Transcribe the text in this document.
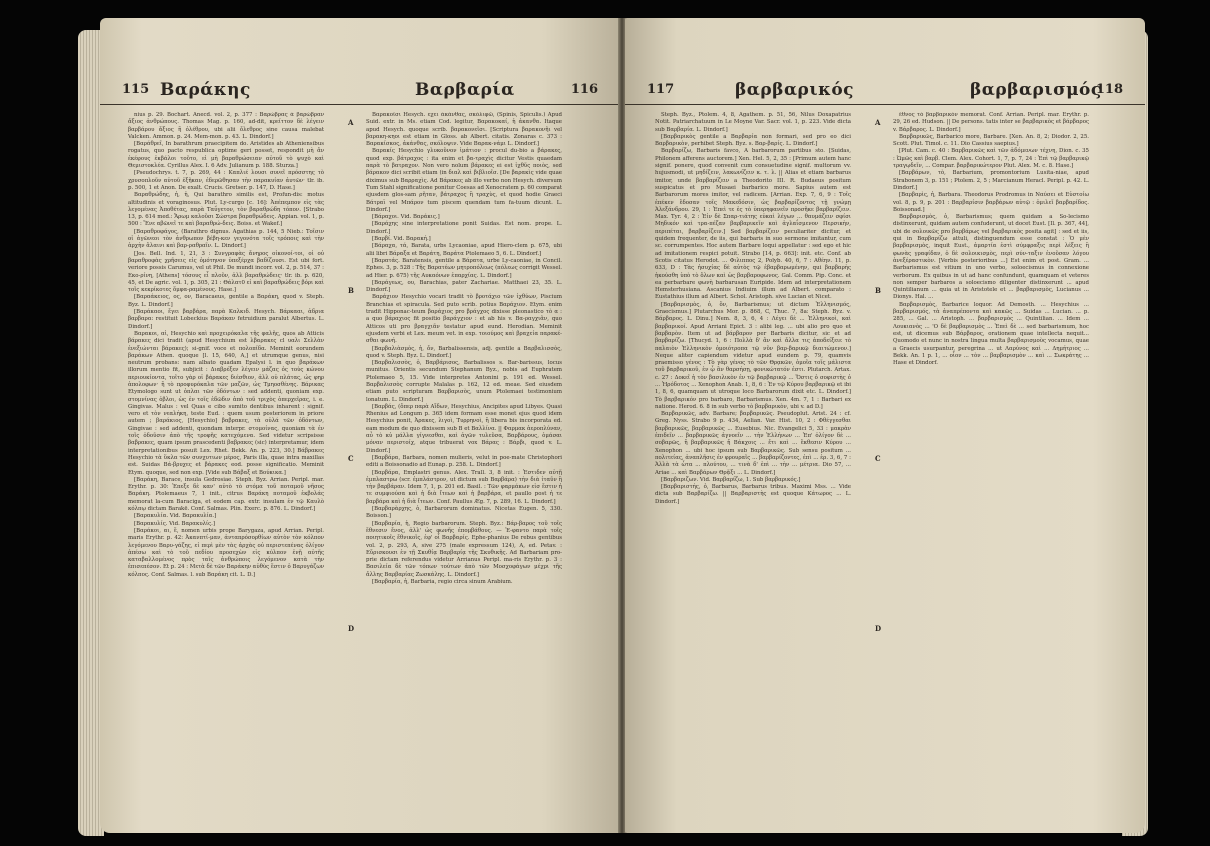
115 Βαράκης	Βαρβαρία	116

nius p. 29. Bochart. Anecd. vol. 2, p. 377 : Βαρώβρας ἀ βαρώβραν ἄξιος ἀνθρώπους. Thomas Mag. p. 160, ad-dit, κρείττον δὲ λέγειν βαρβάρου ἄξιος ἢ ὀλέθρου, ubi alii ὄλεθρος sine causa malebat Valcken. Ammon. p. 24. Mem-mon. p. 43. L. Dindorf.]

[Βαράθρεῖ, In barathrum praecipitem do. Aristides ab Atheniensibus rogatus, quo pacto respublica optime geri posset, respondit μὴ ἄν ἐκέφους ἐκβάλοι τοῦτο, εἰ μὴ βαραθρώσειαν αὐτοῦ τὸ ψυχὸ καὶ Θεμιστοκλέα. Cyrillus Alex. I. 6 Adv. Julianum p. 188. Sturza.]

[Pseudochrys. t. 7, p. 269, 44 : Καπλιέ λουσι συνεῖ πρόσστης τὸ χρυσοπλοῦν αὐτοῦ ἐξῆκαν, ἐδερῶθησαν τὴν παρακυίαν ἀυτῶν· tlr. ib. p. 500, 1 et Anon. De exalt. Crucis. Gretser. p. 147, D. Hase.]

Βαραθρώδης, ἡ, ἡ, Qui barathro similis est, Profun-dis: motus altitudinis et voraginosus. Plut. Ly-curgo [c. 16]: Ἀπέπεμπον εἰς τὰς λεγομένας Ἀποθέτας, παρὰ Ταΰγετον, τὸν βαραθρώδη τόπον. [Strabo 13, p. 614 med.: Ἄρωμ καλοῦσι Σώστρα βαραθρώδεις. Appian. vol. 1, p. 500 : Ἔνε αβῶνεῖ τε καὶ βαραθρώ-δεις. Boiss. et Wakef.]

[Βαραθροφάγος, (Barathro dignus. Agathias p. 144, 5 Nieb.: Τοῖσιν οἱ ἀγῶνεοι τὸν ἀνθρωπον βέβη-κεν γεγονότα τοῖς τρόποις καὶ τὴν ἀρχὴν ἄλαινι καὶ βαρ-ραθραῖν. L. Dindorf.]

[Jos. Bell. Ind. 1, 21, 3 : Συνγραφὰς ἄνηρος οἰκονοί-τοι, οἱ οὐ βαραθροφὰς χρῆσεις εἰς ὁμότηνον ὑπεξέρχα βαδίζουσι. Est ubi fort. veriore possis Carumus, vel ut Phil. De mundi incorr. vol. 2, p. 514, 37 : Εκο-ρίνη, [Athens] τόσους εἶ πλοῦν, ἀλλ βαραθρώδεις· tlr. ib. p. 620, 45, et De agric. vol. 1, p. 305, 21 : Θάλατ0 εἰ καὶ βαραθρώδεις βόρι καὶ τοῖς κεκρίκοτες ὅμφα-ραμένους. Hase.]

[Βαραάκειος, ος, ον, Baracaeus, gentile a Βαράκη, quod v. Steph. Byz. L. Dindorf.]

[Βαράκαοι, ἔγει βαρβάρα, παρὰ Καλκιδ. Hesych. Βάρκααι, ἀδρια βαρβαρα: restituit Lobeckius Βαράκαν fetruidium paralut Albertus. L. Dindorf.]

Βαρακοι, αἱ, Hesychio καὶ προχειρόκαλα τῆς φαλῆς, quos ab Atticis βάρακες dici tradit (apud Hesychium est λβαρακες cl υαλι Σελλὰν ἐνεξιώνται βάρακες); si-gnif. voce et πολοπίδα. Meminit eorundem βαράκων Athen. quoque [l. 15, 640, A,] et utrumque genus, nisi neutrum probans: nam albato quadam Epalysi l. in quo βαράκων illorum mentio fit, subjicit : Διαβρέξεν λέγειν μάζας ὁς τοὺς κώνου περιουκίοντα, τοῖτο γὰρ οἱ βάρακες διέσθιον, ἀλλ οὐ πλάτας, ὡς φηρ ἀπολοφων· ἢ τὸ προφυρόκαλα τῶν μαζῶν, ὡς Τμηοσθένης. Βάρικας Etymologo sunt ut ὁπλαι τῶν ὀδόντων : sed addenti, quoniam exp. στομνίνας ὀβλοι, ὡς ἐν τοῖς ἐδῶδιν ἀπὸ τοῦ τριχὸς ὀπερχεῖρας, i. e. Gingivas. Malus : vel Quas e cibo sumito dentibus inharent : signif. vero et τὸν νεαλήκη, teste Eud. : quem usum posteriorem in priore autem ; βαράκιος, [Hesychio] βαβρακες, τὰ οὐλά τῶν ὀδόντων, Gingivae : sed addenti, quondam interpr. στομοίνας, quoniam τὰ ἐν τοῖς ὀδοῦσιν ἀπὸ τῆς τροφῆς κατεχόμενα. Sed videtur scripsisse βαβρακες, quam ipsum prascedenti βαβρακες (sic) interpretamur, idem interpretationibus posuit Lex. Rhet. Bekk. An. p. 223, 30.] Βάβρακες Hesychio τὰ ὕκλα τῶν συνχυτιων μέρος, Paris illa, quae intra maxillas est. Suidas Βά-βρυχες et βάρακες eod. posse significatio. Meminit Etym. quoque, sed non exp. [Vide sub Βάβαξ et Βούκικα.]

[Βαράκη, Barace, insula Gedrosiae. Steph. Byz. Arrian. Peripl. mar. Erythr. p. 30: Ἐπεξε δὲ καν' αὐτὸ τὸ στόμα τοῦ ποταμοῦ νῆσος Βαράκη. Ptolemaeus 7, 1 init., citrus Βαράκη ποταμοῦ ἐκβολάς memorat la-cum Baraciga, et eodem cap. extr. insulam ἐν τῷ Καυλὸ κόλπῳ dictam Barakē. Conf. Salmas. Plin. Exerc. p. 876. L. Dindorf.]

[Βαρακυλία. Vid. Βαρακυλία.]

[Βαρακυλίς. Vid. Βαρακυλίς.]

[Βαράκοι, αι, ἔ, nomen urbis prope Barygaza, apud Arrian. Peripl. maris Erythr. p. 42: Ἀκανπτί-μαν, ἀνταπρόσορθίων αὐτὸν τὸν κόλπον λεγόμενου Βαρυ-γάζης, εἰ περὶ μὲν τὰς ἀρχὰς οὐ περιστεπένας ὀλίγον ἀπέσω καὶ τὸ τοῦ πεδίου προσεχὼν εἰς κύλπον ἐνῇ αὐτῆς καταβαλλομένος πρὸς ταῖς ἀνθρώποις λεγόμενον κατὰ τὴν ἐπισεπέσον. Et p. 24 : Μετὰ δὲ τῶν Βαράκην αὐθὺς ἔστιν ὁ Βαρυγάζων κόλπος. Conf. Salmas. l. sub Βαράκη cit. L. D.]

Βαρακοῖσι Hesych. εχει ἀκάνθας, σκόλιφῶ, (Spinis, Spiculis.) Apud Suid. extr. in Ms. etiam Cod. legitur, Βαρακοκαί, ἡ ἀκανθα. Itaque apud Hesych. quoque scrib. βαρακονεῖσι. [Scriptura βαρακονῆι vel βαρακη-κηοι est etiam in Gloss. ab Albert. citatis. Zonaras c. 373 : Βαρακίσκος, ἀκάνθας, σκόλοψιν. Vide Bαρακ-νάμι L. Dindorf.]

Βαρακίς Hesychio γλυκοῦνον ἱμάτιον : procul du-bio a βάρακες, quod exp. βάτραχος : ita enim et βα-τραχὶς dicitur Vestis quaedam παρὰ τὸ βατραχον. Non vero nolum βάρακες ei est ἰχθῦς ποιὸς, sed βάρακον dici scribit etiam (in διαλ καὶ βιβλιοῖσ. [De βαρακὶς vide quae diximus sub Βαρραχὶς. Ad Βάρακες ab illo verbo non Hesych. diversum Tum Stahl significatione ponitur Coesas ad Xenocratem p. 60 comparat ejusdem glos-sam ρῆταν, βάτραχος ἢ τραχὺς, et quod hodie Graeci Βάτραϊ vel Μπάρον tum piscem quendam tum fa-tuum dicunt. L. Dindorf.]

[Βάραχοι. Vid. Βαράκις.]

[Βαράχης sine interpretatione ponit Suidas. Est nom. prope. L. Dindorf.]

[Βαρβί. Vid. Βαρακή.]

[Βάραχα, τά, Barata, urbs Lycaoniae, apud Hiero-clem p. 675, ubi alii libri Βάραξα et Βαράτη, Βαράτα Ptolemaeo 5, 6. L. Dindorf.]

[Βαρατάς. Baratensis, gentile a Βάρατα, urbe Ly-caoniae, in Concil. Ephes. 3, p. 528 : Τῆς Βαρατέων μητροπόλεως (πόλεως corrigit Wessel. ad Hier. p. 675) τῆς Αυκαόνων ἐπαρχίας. L. Dindorf.]

[Βαράγεως, ου, Barachias, pater Zachariae. Matthaei 23, 35. L. Dindorf.]

Βαράχιον Hesychio vocari tradit τὸ βροτάχιο τῶν ἰχθύων, Piscium Branchias et spiracula. Sed puto scrib. potius Βαράχιον. Etym. enim tradit Hipponac-teum βαράχιος pro βράγχος dixisse pleonastico τὸ α : a quo βάραχιος fit positio βαράγχιον : et ab his v. Βα-ραγχιᾶν, quo Atticos uti pro βραγχιᾶν testatur apud eund. Herodian. Meminit ejusdem verbi et Lex. meum vet. in exp. τοιούμος καὶ βραχεία παρακέ-σθαι φωνή.

[Βαρβαλιὰσμὸς, ἡ, ὄν, Barbalissensis, adj. gentile a Βαρβαλισσὸς, quod v. Steph. Byz. L. Dindorf.]

[Βαρβαλισσὸς, ὁ, Βαρβάρισος, Barbalissos s. Bar-barissus, locus munitus. Orientis secundum Stephanum Byz., nobis ad Euphratem Ptolemaeo 5, 15. Vide interpretes Antonini p. 191 ed. Wessel. Βαρβαλισσὸς corrupte Malalas p. 162, 12 ed. meae. Sed eiusdem etiam puto scripturam Βαρβαρισὸς, unum Ptolemaei testimonium lonatum. L. Dindorf.]

[Βαρβάς, (ὅπερ παρὰ Αἴδων, Hesychius, Ancipites apud Libyes. Quasi Rhenius ad Longum p. 365 idem formam esse monet ejus quod idem Hesychius ponit, Ἀρακες, λιγοὶ, Τυρρηνοὶ, ἢ libera bis incorporata ed. eam modum de quo dixissem sub B et Βαλλίνα. || Φαρμακ ἀεροπλύναν, αὖ τὸ κὐ μάλλα γίγνεσθαι, καὶ ἀγῶν τυλεῦσα, Βαρβάρους, ὀμάσαι μόναν περιστοίχ, atque tribuerat vox Βάρας : Βάρβι, quod v. L. Dindorf.]

[Βαρβάρα, Barbara, nomen mulieris, velut in poe-mate Christophori editi a Boissonadio ad Eunap. p. 258. L. Dindorf.]

[Βαρβάρα, Emplastri genus. Alex. Trall. 3, 8 init. : Ἐστιδεν αὐτῇ ἐμπλαστρω (scr. ἐμπλάστρον, ut dictum sub Βαρβάρα) τὴν διὰ ἰταῦν ἢ τὴν βαρβάραν. Idem 7, 1, p. 201 ed. Basil. : Τῶν φαρμάκων εἰσ ἔστιν ἡ τε συμφιούσα καὶ ἡ διὰ ἴτεων καὶ ἡ βαρβάρα, et paullo post ἡ τε βαρβάρα καὶ ἡ διὰ ἴτεων. Conf. Paullus Æg. 7, p. 289, 16. L. Dindorf.]

[Βαρβαρὰρχης, ὁ, Barbarorum dominatus. Nicetas Eugen. 5, 330. Boisson.]

[Βαρβαρία, ἡ, Regio barbarorum. Steph. Byz.: Βάρ-βαρος τοῦ τοῖς ἔθνεσιν ἔνος, ἀλλ' ὡς φωνῆς ἐπομβάθους. — Ἐ-φαντο παρὰ τοῖς ποιητικοῖς ἔθνικοῖς, ἐφ' οἷ Βαρβαρίς. Ephe-phanius De rebus gentibus vol. 2, p. 293, A, sive 275 (male expressum 124), A, ed. Petav. : Εὔρισκουσι ἐν τῇ Σκυθίᾳ Βαρβαρίᾳ τῆς Σκυθικῆς. Ad Barbariam pro-prie dictam referendus videtur Arrianus Peripl. ma-ris Erythr. p. 3 : Βασιλεία δὲ τῶν τόπων τούτων ἀπὸ τῶν Μοσχοφάγων μέχρι τῆς ἄλλης Βαρβαρίας Ζωσκάλης. L. Dindorf.]

[Βαρβαρία, ἡ, Barbaria, regio circa sinum Arabium.

A
B
C
D
117	βαρβαρικός	βαρβαρισμός
118

Steph. Byz., Ptolem. 4, 8, Agathem. p. 51, 56, Nilus Doxapatrius Notit. Patriarchatuum in Le Moyne Var. Sacr. vol. 1, p. 223. Vide dicta sub Βαρβαρία. L. Dindorf.]

[Βαρβαρικὸς gentile a Βαρβαρία non formari, sed pro eo dici Βαρβαρικὸν, perhibet Steph. Byz. s. Βαρ-βαρίς. L. Dindorf.]

Βαρβαρίζω, Barbaris favco, A barbarorum partibus sto. [Suidas, Philonem afferens auctorem.] Xen. Hel. 5, 2, 35 : [Primum autem hanc signif. ponere, quod convenit cum consuetudine signif. multorum vv. hujusmodi, ut μηδίζειν, λακωνίζειν κ. τ. λ. || Alias et etiam barbarus imitor, unde βαρβαρίζειν a Theodorito III. R. Budaeus positum suspicatus et pro Musaei barbarico more. Sapius autem est Barbarorum mores imitor, vel radicem. [Arrian. Exp. 7, 6, 9 : Τοῖς ἐπέκεν ἔδοσαν τοῖς Μακεδόσιν, ὡς βαρβαρίζοντος τῇ γνώμῃ Ἀλεξάνδρου. 29, 1 : Ἐπεὶ τε ἐς τὸ ὑπερηφανεῖν προσῆκε βαρβαρίζειν. Max. Tyr. 4, 2 : Ἐἰν δὲ Σπαρ-τιάτης εὐκαὶ λέγων ... θαυμάζειν σφίσι Μηδικόν καὶ τρα-πέζαν βαρβαρικεῖν καὶ ἀγλαΐσμενον Περσικὴν, περιπέται, βαρβαρίζειν.] Sed βαρβαρίζειν peculiariter dicitur, et quidem frequenter, de iis, qui barbaris in suo sermone imitantur, cum sc. corrumpentes. Hoc autem Barbare loqui appellatur : sed ego et hic ad imitationem respici potuit. Strabo [14, p. 663]: init. etc. Conf. ab Scotis citatus Herodot. ... Φιλιππος 2, Polyb. 40, 6, 7 : Αθέην. 11, p. 633, D : Τὰς ἡσυχίας δὲ αὐτὸς τῷ ἐβαρβαρωμένην, qui βαρβαρὴς ἠκούσθη ὑπὸ τὸ ὅλων καὶ ὡς βαρβαροφωνος. Gal. Comm. Pip. Conc. et ea perbarbare φωνὴ barbarusan Euripide. Idem ad interpretationem Hemsterhusiana. Ascanius Indiuim illum ad Albert. comparato : Eustathius illum ad Albert. Schol. Aristoph. sive Lucian et Nicet.

[Βαρβαρισμὸς, ὁ, ὄν, Barbarismus; ut dictum Ἐλληνισμός, Graecismus.] Plutarchus Mor. p. 868, C, Thuc. 7, 8a: Steph. Byz. v. Βάρβαρος. L. Dinu.] Nem. 8, 3, 6, 4 : Λέγει δὲ ... Ἑλληνικοὶ, καὶ βαρβαρικοί. Apud Arriani Epict. 3 : alibi leg. ... ubi alio pro quo et βαρβαρὸν. Item ut ad βάρβαρον per Barbaris dicitur, sic et ad βαρβαρίζω. [Thucyd. 1, 6 : Πολλὰ δ' ἂν καὶ ἄλλα τις ἀποδείξειε τὸ παλαιὸν Ἑλληνικὸν ὁμοιότροπα τῷ νῦν βαρ-βαρικῷ διαιτώμενον.] Neque aliter capiendum videtur apud eundem p. 79, quamvis praemisso γένος : Τὸ γὰρ γένος τὸ τῶν Θρᾳκῶν, ὁμοῖα τοῖς μάλιστα τοῦ βαρβαρικοῦ, ἐν ᾧ ἂν θαρσήσῃ, φονικώτατόν ἐστι. Plutarch. Artax. c. 27 : Δοκεῖ ἡ τὸν βασιλικὸν ἐν τῷ βαρβαρικῷ ... Ὅστις ὁ σοφιστὴς ὁ ... Ἡρόδοτος ... Xenophon Anab. 1, 8, 6 : Ἐν τῷ Κύρου βαρβαρικῷ et ibi 1, 8, 6, quamquam ut utroque loco Barbarorum dixit etc. L. Dindorf.] Τὸ βαρβαρικόν pro barbaro, Barbarismus. Xen. 4m. 7, 1 : Barbari ex natione. Herod. 6. 8 in sub verbo τὸ βαρβαρικὸν, ubi v. ad D.]

Βαρβαρικῶς, adv. Barbare; βαρβαρικῶς. Pseudoplut. Arist. 24 : cf. Greg. Nyss. Strabo 9 p. 434, Aelian. Var. Hist. 10, 2 : Φθέγγεσθαι βαρβαρικῶς, βαρβαρικῶς ... Eusebius. Nic. Evangelici 5, 33 : μακρὰν ἐπιδεῖν ... βαρβαρικῶς ἀγνοεῖν ... τὴν Ἑλλήνων ... Ἐπ' ὀλίγον δὲ ... σοβαρῶς, ἢ βαρβαρικῶς ἤ Βάκχοις ... ἔτι καὶ ... ἔκθεσιν Κύρου ... Xenophon ... ubi hoc ipsum sub Βαρβαρικῶς. Sub sensu positum ... πολιτείας, ἀναπλῆσις ἐν φρουραῖς ... βαρβαρίζοντες, ἐπὶ ... ἐρ. 3, 6, 7 : Ἀλλὰ τὰ ὦτα ... πλούτου, ... τινὰ δ' ἐπὶ ... τὴν ... μέτρια. Dio 57, ... Ariae ... καὶ Βαρβάρων Θρᾷξι ... L. Dindorf.]

[Βαρβαριζων. Vid. Βαρβαρίζω, 1. Sub βαρβαρικός.]

[Βαρβαριστής, ὁ, Barbarus, Barbarus tribus. Maximi Mss. ... Vide dicta sub Βαρβαρίζω. || Βαρβαριστὴς est quoque Κάτωρος ... L. Dindorf.]

ἔθνος τὸ βαρβαρικὸν memorat. Conf. Arrian. Peripl. mar. Erythr. p. 29, 26 ed. Hudson. || De persons. tatis inter se βαρβαρικὸς et βάρβαρος v. Βάρβαρος. L. Dindorf.]

Βαρβαρικῶς, Barbarico more, Barbare. [Xen. An. 8, 2; Diodor. 2, 25. Scott. Plut. Timol. c. 11. Dio Cassius saepius.]

[Plut. Cam. c. 40 : Βαρβαρικῶς καὶ τῶν ἀδόμενων τέχνη, Dion. c. 35 : Ὡμῶς καὶ βαρβ. Clem. Alex. Cohort. 1, 7, p. 7, 24 : Ἐπὶ τῷ βαρβαρικῷ τραγῳδεῖν, ... Compar. βαρβαρικώτερον Plut. Alex. M. c. 8. Hase.]

[Βαρβάρων, τὸ, Barbarium, promontorium Lusita-niae, apud Strabonem 3, p. 151 ; Ptolem. 2, 5 ; Marcianum Heracl. Peripl. p. 42. L. Dindorf.]

[Βαρβαρὶς, ἡ, Barbara. Theodorus Prodromus in Ναύσει et Εὐστοίω vol. 8, p. 9, p. 201 : Βαρβαρίσιν βαρβάρων αὐτῷ : ὁμιλεῖ βαρβαρίδος. Boissonad.]

Βαρβαρισμὸς, ὁ, Barbarismus; quem quidam a So-lecismo distinxerunt, quidam autem confuderunt, ut docet Eust. [Il. p. 367, 44], ubi de σολοικῶς pro βαρβάρως vel βαρβαρικὸς posita agit] : sed et iis, qui in Βαρβαρίζω attuli, distinguendum esse constat : Ὁ μὲν βαρβαρισμὸς, inquit Eust., ἁμαρτία ἐστὶ σύμφραξις περὶ λέξεις ἢ φωνὰς γραφίδαν, ὁ δὲ σολοικισμὸς, περὶ σύν-ταξιν ἐνοῦσαν λόγου ἀνεξέραστικὸν. [Verbis posterioribus ...] Est enim et post. Gram. ... Barbarismus est vitium in uno verbo, soloecismus in connexione verborum. Ex quibus in ut ad hanc confundunt, quamquam et veteres non semper barbaros a soloecismo diligenter distinxerunt ... apud Quintilianum ... quia ut in Aristotele et ... βαρβαρισμὸς, Lucianus ... Dionys. Hal. ...

Βαρβαρισμὸς, Barbarice loquor. Ad Demosth. ... Hesychius ... βαρβαρισμός, τὰ ἀναπρέποντα καὶ κακῶς ... Suidas ... Lucian. ... p. 285, ... Gal. ... Aristoph. ... βαρβαρισμὸς ... Quintilian. ... Idem ... Λουκιανὸς ... 'Ο δὲ βαρβαρισμὸς ... Ἐπεὶ δὲ ... sed barbarismum, hoc est, ut dicemus sub Βάρβαρος, orationem quae intellecta nequit... Quomodo et nunc in nostra lingua multa βαρβαρισμοὺς vocamus, quae a Graecis usurpantur, peregrina ... ut Λαρύνος καὶ ... Δημήτριος ... Bekk. An. 1 p. 1, ... οἷον ... τὸν ... βαρβαρισμὸν ... καὶ ... Σωκράτης ... Hase et Dindorf.

A
B
C
D
